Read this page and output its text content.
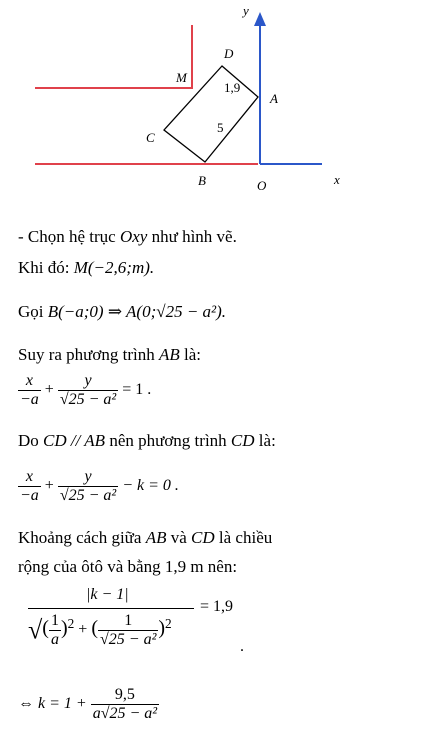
y
x
O
A
B
C
D
M
1,9
5
- Chọn hệ trục Oxy như hình vẽ.
Khi đó: M(−2,6;m).
Gọi B(−a;0) ⇒ A(0;√25 − a²).
Suy ra phương trình AB là:
$\frac{x}{-a} + \frac{y}{\text{√25 − a²}} = 1$ .
Do CD // AB nên phương trình CD là:
$\frac{x}{-a} + \frac{y}{\text{√25 − a²}} - k = 0$ .
Khoảng cách giữa AB và CD là chiều
rộng của ôtô và bằng 1,9 m nên:
|k − 1|
= 1,9
√( $\frac{1}{a} )^2$ + ( $\frac{1}{\text{√25 − a²}} )^2$
.
⇔ $k = 1 + \frac{9,5}{\text{a√25 − a²}}$
